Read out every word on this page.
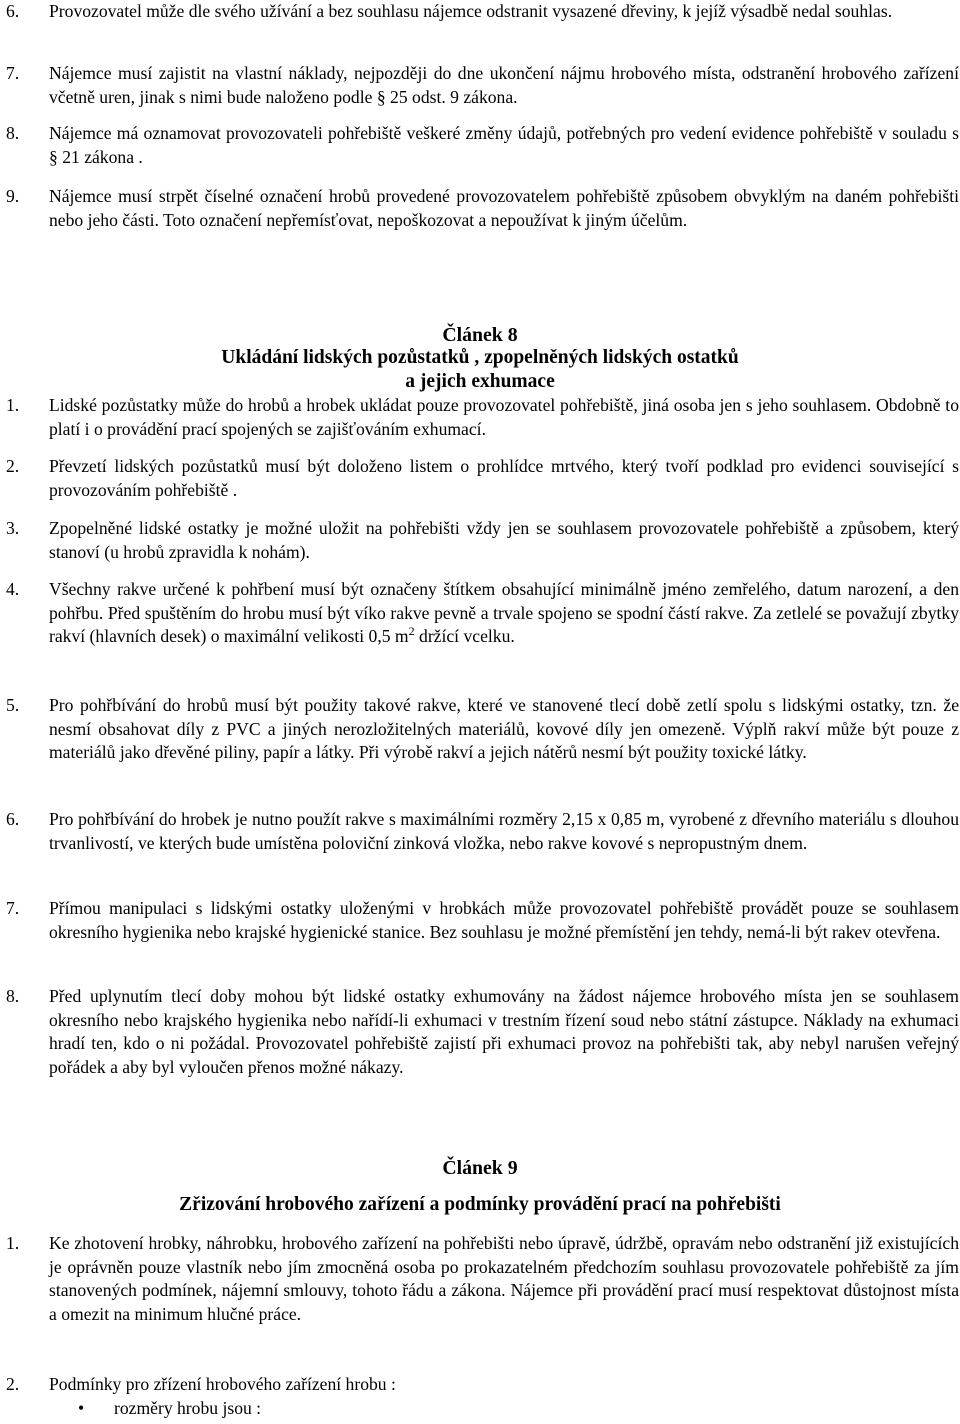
6. Provozovatel může dle svého užívání a bez souhlasu nájemce odstranit vysazené dřeviny, k jejíž výsadbě nedal souhlas.
7. Nájemce musí zajistit na vlastní náklady, nejpozději do dne ukončení nájmu hrobového místa, odstranění hrobového zařízení včetně uren, jinak s nimi bude naloženo podle § 25 odst. 9 zákona.
8. Nájemce má oznamovat provozovateli pohřebiště veškeré změny údajů, potřebných pro vedení evidence pohřebiště v souladu s § 21 zákona .
9. Nájemce musí strpět číselné označení hrobů provedené provozovatelem pohřebiště způsobem obvyklým na daném pohřebišti nebo jeho části. Toto označení nepřemísťovat, nepoškozovat a nepoužívat k jiným účelům.
Článek 8
Ukládání lidských pozůstatků , zpopelněných lidských ostatků
a jejich exhumace
1. Lidské pozůstatky může do hrobů a hrobek ukládat pouze provozovatel pohřebiště, jiná osoba jen s jeho souhlasem. Obdobně to platí i o provádění prací spojených se zajišťováním exhumací.
2. Převzetí lidských pozůstatků musí být doloženo listem o prohlídce mrtvého, který tvoří podklad pro evidenci související s provozováním pohřebiště .
3. Zpopelněné lidské ostatky je možné uložit na pohřebišti vždy jen se souhlasem provozovatele pohřebiště a způsobem, který stanoví (u hrobů zpravidla k nohám).
4. Všechny rakve určené k pohřbení musí být označeny štítkem obsahující minimálně jméno zemřelého, datum narození, a den pohřbu. Před spuštěním do hrobu musí být víko rakve pevně a trvale spojeno se spodní částí rakve. Za zetlelé se považují zbytky rakví (hlavních desek) o maximální velikosti 0,5 $m^2$ držící vcelku.
5. Pro pohřbívání do hrobů musí být použity takové rakve, které ve stanovené tlecí době zetlí spolu s lidskými ostatky, tzn. že nesmí obsahovat díly z PVC a jiných nerozložitelných materiálů, kovové díly jen omezeně. Výplň rakví může být pouze z materiálů jako dřevěné piliny, papír a látky. Při výrobě rakví a jejich nátěrů nesmí být použity toxické látky.
6. Pro pohřbívání do hrobek je nutno použít rakve s maximálními rozměry 2,15 x 0,85 m, vyrobené z dřevního materiálu s dlouhou trvanlivostí, ve kterých bude umístěna poloviční zinková vložka, nebo rakve kovové s nepropustným dnem.
7. Přímou manipulaci s lidskými ostatky uloženými v hrobkách může provozovatel pohřebiště provádět pouze se souhlasem okresního hygienika nebo krajské hygienické stanice. Bez souhlasu je možné přemístění jen tehdy, nemá-li být rakev otevřena.
8. Před uplynutím tlecí doby mohou být lidské ostatky exhumovány na žádost nájemce hrobového místa jen se souhlasem okresního nebo krajského hygienika nebo nařídí-li exhumaci v trestním řízení soud nebo státní zástupce. Náklady na exhumaci hradí ten, kdo o ni požádal. Provozovatel pohřebiště zajistí při exhumaci provoz na pohřebišti tak, aby nebyl narušen veřejný pořádek a aby byl vyloučen přenos možné nákazy.
Článek 9
Zřizování hrobového zařízení a podmínky provádění prací na pohřebišti
1. Ke zhotovení hrobky, náhrobku, hrobového zařízení na pohřebišti nebo úpravě, údržbě, opravám nebo odstranění již existujících je oprávněn pouze vlastník nebo jím zmocněná osoba po prokazatelném předchozím souhlasu provozovatele pohřebiště za jím stanovených podmínek, nájemní smlouvy, tohoto řádu a zákona. Nájemce při provádění prací musí respektovat důstojnost místa a omezit na minimum hlučné práce.
2. Podmínky pro zřízení hrobového zařízení hrobu :
• rozměry hrobu jsou :
